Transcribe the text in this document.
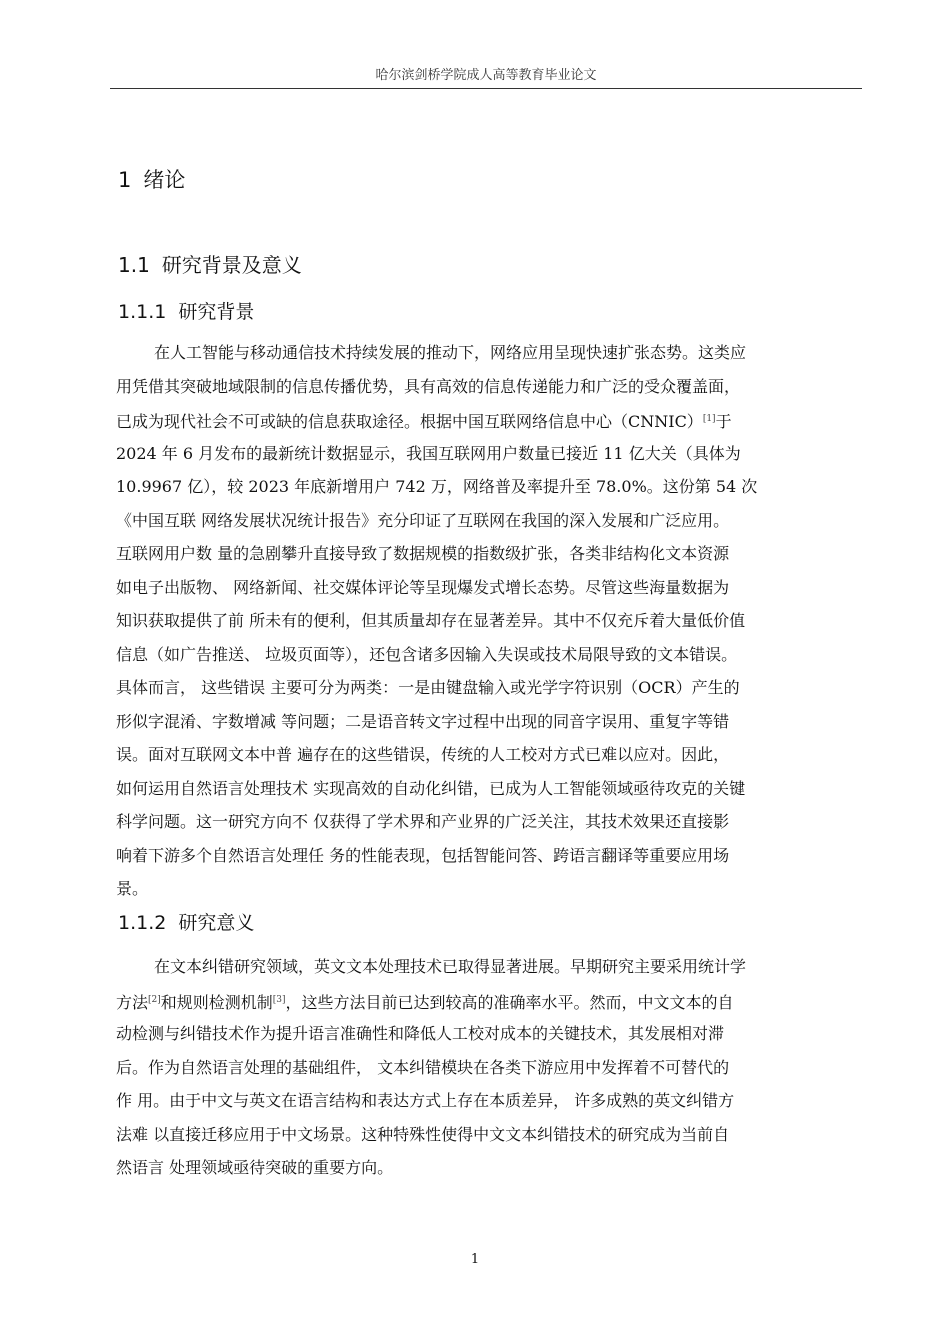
哈尔滨剑桥学院成人高等教育毕业论文
1 绪论
1.1 研究背景及意义
1.1.1 研究背景
在人工智能与移动通信技术持续发展的推动下，网络应用呈现快速扩张态势。这类应
用凭借其突破地域限制的信息传播优势，具有高效的信息传递能力和广泛的受众覆盖面，
已成为现代社会不可或缺的信息获取途径。根据中国互联网络信息中心（CNNIC）[1]于
2024 年 6 月发布的最新统计数据显示，我国互联网用户数量已接近 11 亿大关（具体为
10.9967 亿），较 2023 年底新增用户 742 万，网络普及率提升至 78.0%。这份第 54 次
《中国互联 网络发展状况统计报告》充分印证了互联网在我国的深入发展和广泛应用。
互联网用户数 量的急剧攀升直接导致了数据规模的指数级扩张，各类非结构化文本资源
如电子出版物、 网络新闻、社交媒体评论等呈现爆发式增长态势。尽管这些海量数据为
知识获取提供了前 所未有的便利，但其质量却存在显著差异。其中不仅充斥着大量低价值
信息（如广告推送、 垃圾页面等），还包含诸多因输入失误或技术局限导致的文本错误。
具体而言， 这些错误 主要可分为两类：一是由键盘输入或光学字符识别（OCR）产生的
形似字混淆、字数增减 等问题；二是语音转文字过程中出现的同音字误用、重复字等错
误。面对互联网文本中普 遍存在的这些错误，传统的人工校对方式已难以应对。因此，
如何运用自然语言处理技术 实现高效的自动化纠错，已成为人工智能领域亟待攻克的关键
科学问题。这一研究方向不 仅获得了学术界和产业界的广泛关注，其技术效果还直接影
响着下游多个自然语言处理任 务的性能表现，包括智能问答、跨语言翻译等重要应用场
景。
1.1.2 研究意义
在文本纠错研究领域，英文文本处理技术已取得显著进展。早期研究主要采用统计学
方法[2]和规则检测机制[3]，这些方法目前已达到较高的准确率水平。然而，中文文本的自
动检测与纠错技术作为提升语言准确性和降低人工校对成本的关键技术，其发展相对滞
后。作为自然语言处理的基础组件， 文本纠错模块在各类下游应用中发挥着不可替代的
作 用。由于中文与英文在语言结构和表达方式上存在本质差异， 许多成熟的英文纠错方
法难 以直接迁移应用于中文场景。这种特殊性使得中文文本纠错技术的研究成为当前自
然语言 处理领域亟待突破的重要方向。
1
